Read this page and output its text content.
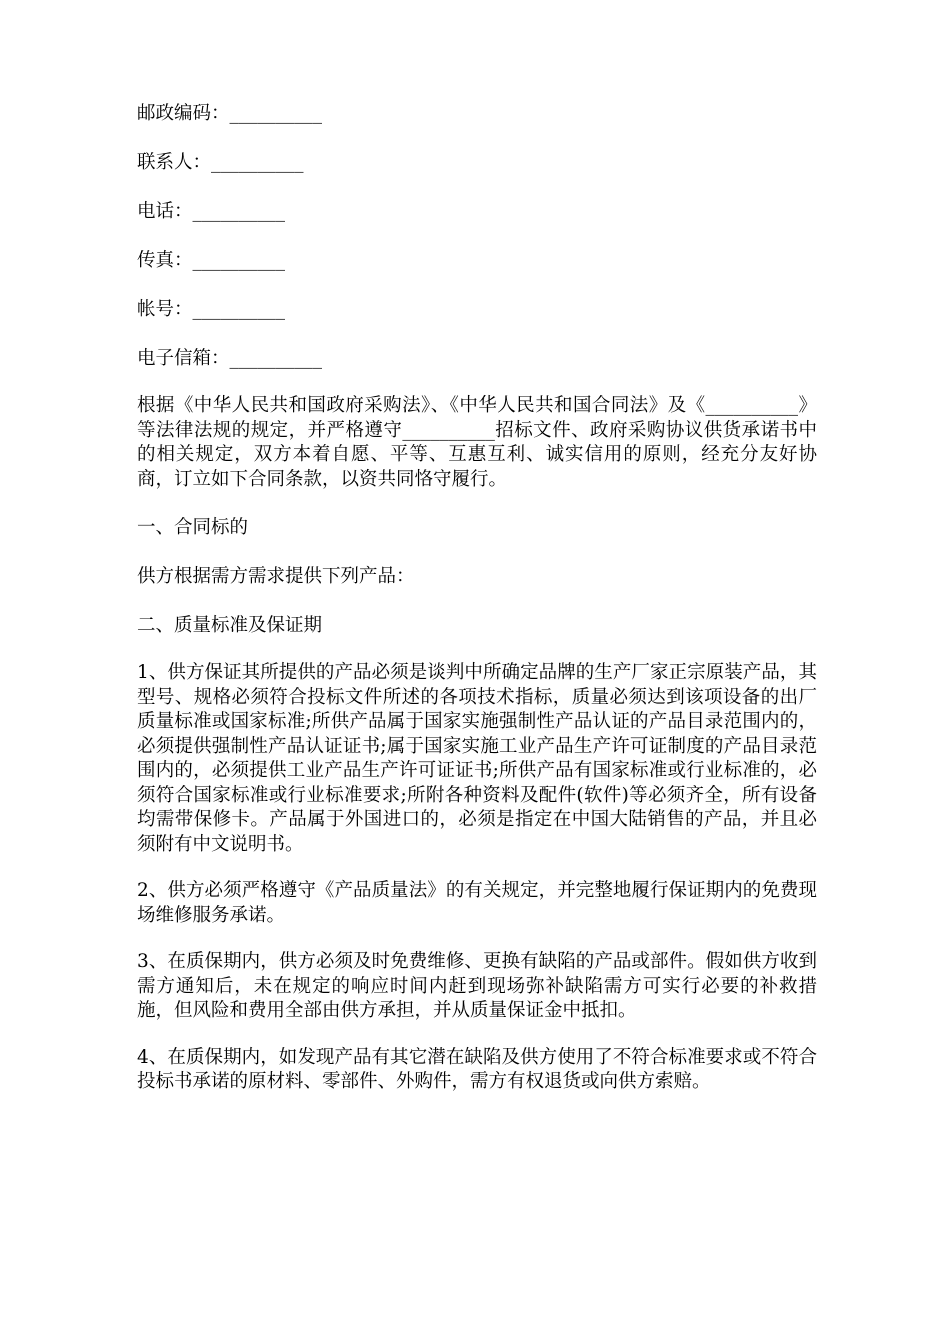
邮政编码：__________
联系人：__________
电话：__________
传真：__________
帐号：__________
电子信箱：__________

根据《中华人民共和国政府采购法》、《中华人民共和国合同法》及《__________》等法律法规的规定，并严格遵守__________招标文件、政府采购协议供货承诺书中的相关规定，双方本着自愿、平等、互惠互利、诚实信用的原则，经充分友好协商，订立如下合同条款，以资共同恪守履行。

一、合同标的
供方根据需方需求提供下列产品：
二、质量标准及保证期

1、供方保证其所提供的产品必须是谈判中所确定品牌的生产厂家正宗原装产品，其型号、规格必须符合投标文件所述的各项技术指标，质量必须达到该项设备的出厂质量标准或国家标准;所供产品属于国家实施强制性产品认证的产品目录范围内的，必须提供强制性产品认证证书;属于国家实施工业产品生产许可证制度的产品目录范围内的，必须提供工业产品生产许可证证书;所供产品有国家标准或行业标准的，必须符合国家标准或行业标准要求;所附各种资料及配件(软件)等必须齐全，所有设备均需带保修卡。产品属于外国进口的，必须是指定在中国大陆销售的产品，并且必须附有中文说明书。

2、供方必须严格遵守《产品质量法》的有关规定，并完整地履行保证期内的免费现场维修服务承诺。

3、在质保期内，供方必须及时免费维修、更换有缺陷的产品或部件。假如供方收到需方通知后，未在规定的响应时间内赶到现场弥补缺陷需方可实行必要的补救措施，但风险和费用全部由供方承担，并从质量保证金中抵扣。

4、在质保期内，如发现产品有其它潜在缺陷及供方使用了不符合标准要求或不符合投标书承诺的原材料、零部件、外购件，需方有权退货或向供方索赔。
